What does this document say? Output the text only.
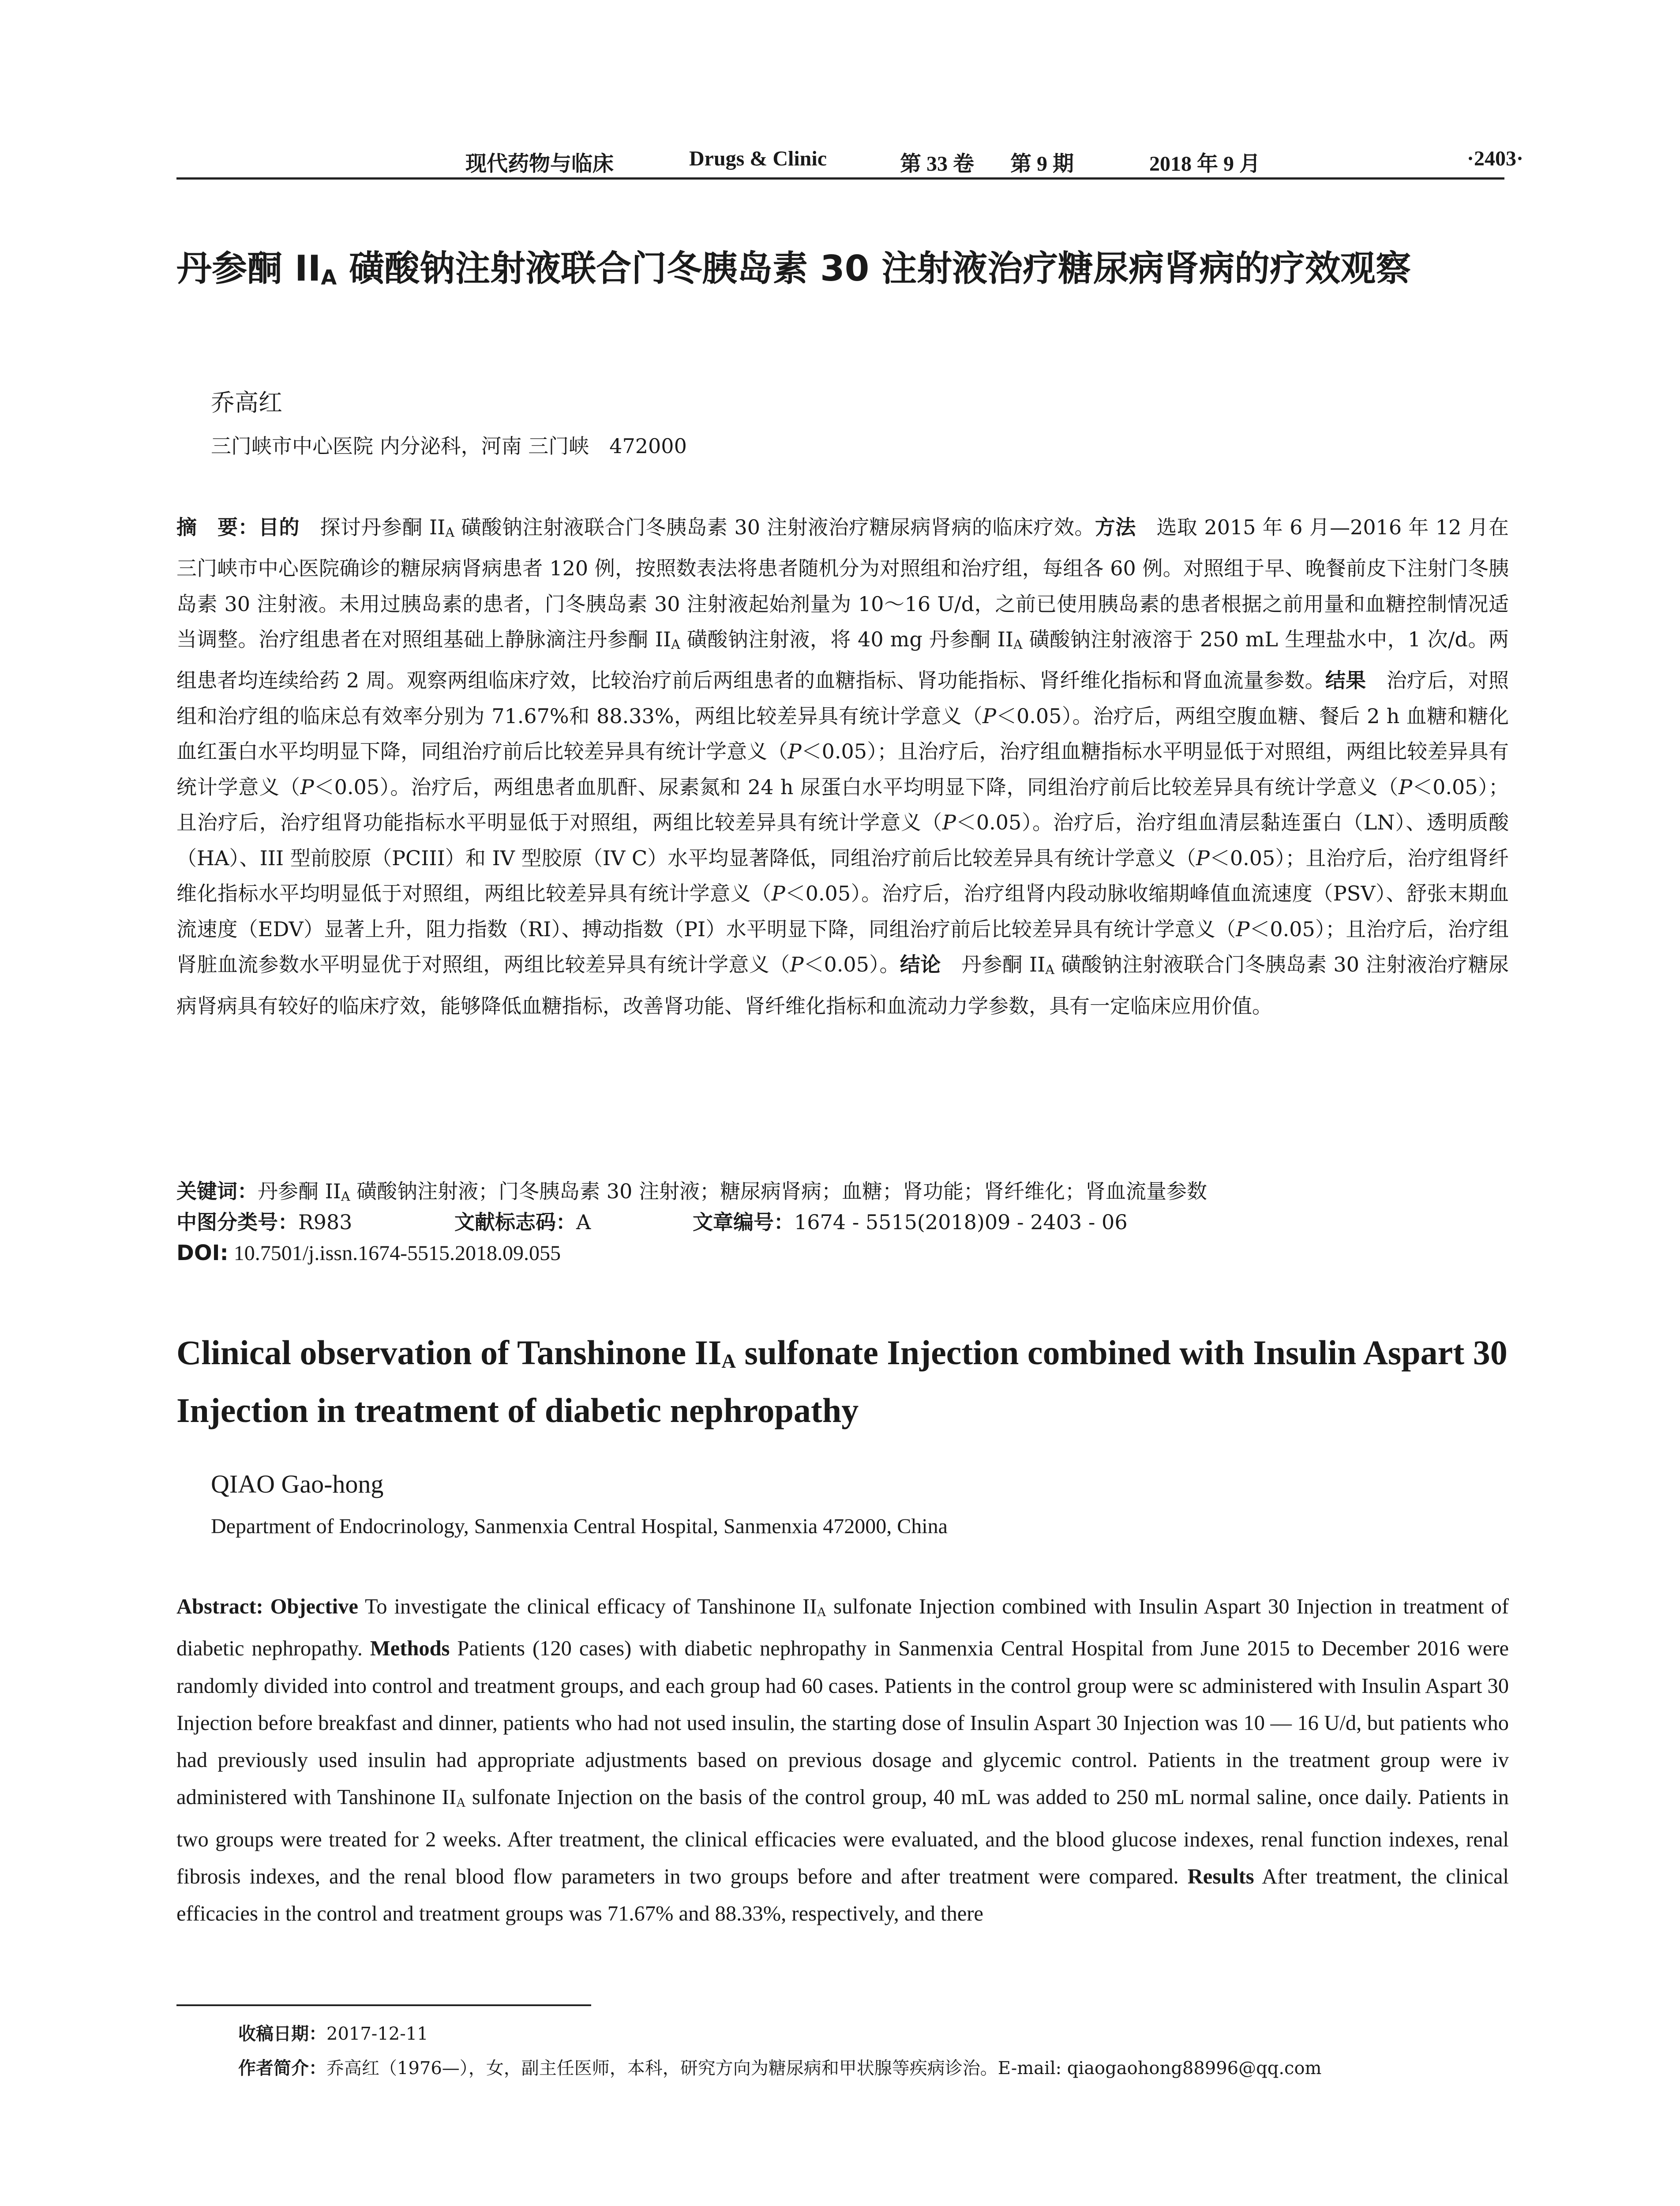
现代药物与临床	Drugs & Clinic	第 33 卷 第 9 期	2018 年 9 月	·2403·
丹参酮 $II_A$ 磺酸钠注射液联合门冬胰岛素 30 注射液治疗糖尿病肾病的疗效观察
乔高红
三门峡市中心医院 内分泌科，河南 三门峡　472000
摘　要：目的　探讨丹参酮 $II_A$ 磺酸钠注射液联合门冬胰岛素 30 注射液治疗糖尿病肾病的临床疗效。方法　选取 2015 年 6 月—2016 年 12 月在三门峡市中心医院确诊的糖尿病肾病患者 120 例，按照数表法将患者随机分为对照组和治疗组，每组各 60 例。对照组于早、晚餐前皮下注射门冬胰岛素 30 注射液。未用过胰岛素的患者，门冬胰岛素 30 注射液起始剂量为 10～16 U/d，之前已使用胰岛素的患者根据之前用量和血糖控制情况适当调整。治疗组患者在对照组基础上静脉滴注丹参酮 $II_A$ 磺酸钠注射液，将 40 mg 丹参酮 $II_A$ 磺酸钠注射液溶于 250 mL 生理盐水中，1 次/d。两组患者均连续给药 2 周。观察两组临床疗效，比较治疗前后两组患者的血糖指标、肾功能指标、肾纤维化指标和肾血流量参数。结果　治疗后，对照组和治疗组的临床总有效率分别为 71.67%和 88.33%，两组比较差异具有统计学意义（P＜0.05）。治疗后，两组空腹血糖、餐后 2 h 血糖和糖化血红蛋白水平均明显下降，同组治疗前后比较差异具有统计学意义（P＜0.05）；且治疗后，治疗组血糖指标水平明显低于对照组，两组比较差异具有统计学意义（P＜0.05）。治疗后，两组患者血肌酐、尿素氮和 24 h 尿蛋白水平均明显下降，同组治疗前后比较差异具有统计学意义（P＜0.05）；且治疗后，治疗组肾功能指标水平明显低于对照组，两组比较差异具有统计学意义（P＜0.05）。治疗后，治疗组血清层黏连蛋白（LN）、透明质酸（HA）、III 型前胶原（PCIII）和 IV 型胶原（IV C）水平均显著降低，同组治疗前后比较差异具有统计学意义（P＜0.05）；且治疗后，治疗组肾纤维化指标水平均明显低于对照组，两组比较差异具有统计学意义（P＜0.05）。治疗后，治疗组肾内段动脉收缩期峰值血流速度（PSV）、舒张末期血流速度（EDV）显著上升，阻力指数（RI）、搏动指数（PI）水平明显下降，同组治疗前后比较差异具有统计学意义（P＜0.05）；且治疗后，治疗组肾脏血流参数水平明显优于对照组，两组比较差异具有统计学意义（P＜0.05）。结论　丹参酮 $II_A$ 磺酸钠注射液联合门冬胰岛素 30 注射液治疗糖尿病肾病具有较好的临床疗效，能够降低血糖指标，改善肾功能、肾纤维化指标和血流动力学参数，具有一定临床应用价值。
关键词：丹参酮 $II_A$ 磺酸钠注射液；门冬胰岛素 30 注射液；糖尿病肾病；血糖；肾功能；肾纤维化；肾血流量参数
中图分类号： R983	文献标志码： A	文章编号： 1674 - 5515(2018)09 - 2403 - 06
DOI: 10.7501/j.issn.1674-5515.2018.09.055
Clinical observation of Tanshinone $II_A$ sulfonate Injection combined with Insulin Aspart 30 Injection in treatment of diabetic nephropathy
QIAO Gao-hong
Department of Endocrinology, Sanmenxia Central Hospital, Sanmenxia 472000, China
Abstract: Objective To investigate the clinical efficacy of Tanshinone $II_A$ sulfonate Injection combined with Insulin Aspart 30 Injection in treatment of diabetic nephropathy. Methods Patients (120 cases) with diabetic nephropathy in Sanmenxia Central Hospital from June 2015 to December 2016 were randomly divided into control and treatment groups, and each group had 60 cases. Patients in the control group were sc administered with Insulin Aspart 30 Injection before breakfast and dinner, patients who had not used insulin, the starting dose of Insulin Aspart 30 Injection was 10 — 16 U/d, but patients who had previously used insulin had appropriate adjustments based on previous dosage and glycemic control. Patients in the treatment group were iv administered with Tanshinone $II_A$ sulfonate Injection on the basis of the control group, 40 mL was added to 250 mL normal saline, once daily. Patients in two groups were treated for 2 weeks. After treatment, the clinical efficacies were evaluated, and the blood glucose indexes, renal function indexes, renal fibrosis indexes, and the renal blood flow parameters in two groups before and after treatment were compared. Results After treatment, the clinical efficacies in the control and treatment groups was 71.67% and 88.33%, respectively, and there
收稿日期：2017-12-11
作者简介：乔高红（1976—），女，副主任医师，本科，研究方向为糖尿病和甲状腺等疾病诊治。E-mail: qiaogaohong88996@qq.com
